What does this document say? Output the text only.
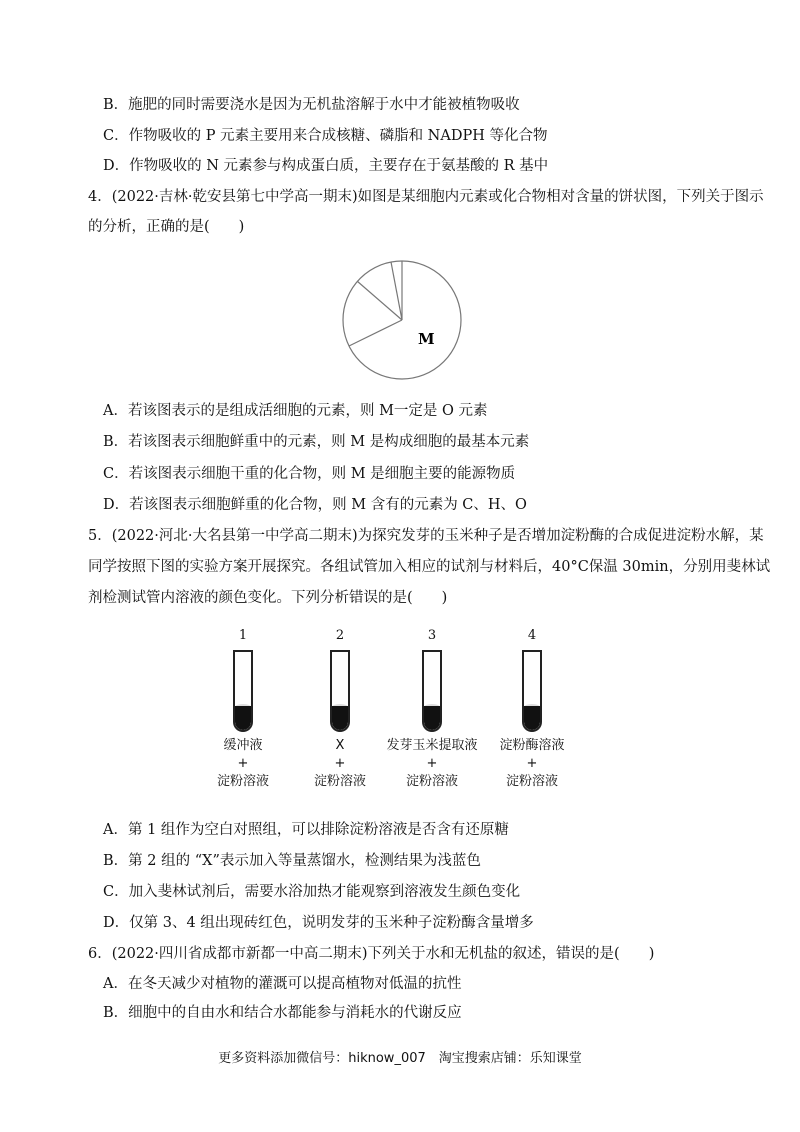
B．施肥的同时需要浇水是因为无机盐溶解于水中才能被植物吸收
C．作物吸收的 P 元素主要用来合成核糖、磷脂和 NADPH 等化合物
D．作物吸收的 N 元素参与构成蛋白质，主要存在于氨基酸的 R 基中
4．(2022·吉林·乾安县第七中学高一期末)如图是某细胞内元素或化合物相对含量的饼状图，下列关于图示
的分析，正确的是(　　)
M
A．若该图表示的是组成活细胞的元素，则 M一定是 O 元素
B．若该图表示细胞鲜重中的元素，则 M 是构成细胞的最基本元素
C．若该图表示细胞干重的化合物，则 M 是细胞主要的能源物质
D．若该图表示细胞鲜重的化合物，则 M 含有的元素为 C、H、O
5．(2022·河北·大名县第一中学高二期末)为探究发芽的玉米种子是否增加淀粉酶的合成促进淀粉水解，某
同学按照下图的实验方案开展探究。各组试管加入相应的试剂与材料后，40°C保温 30min，分别用斐林试
剂检测试管内溶液的颜色变化。下列分析错误的是(　　)
1
缓冲液
+
淀粉溶液
2
X
+
淀粉溶液
3
发芽玉米提取液
+
淀粉溶液
4
淀粉酶溶液
+
淀粉溶液
A．第 1 组作为空白对照组，可以排除淀粉溶液是否含有还原糖
B．第 2 组的 “X”表示加入等量蒸馏水，检测结果为浅蓝色
C．加入斐林试剂后，需要水浴加热才能观察到溶液发生颜色变化
D．仅第 3、4 组出现砖红色，说明发芽的玉米种子淀粉酶含量增多
6．(2022·四川省成都市新都一中高二期末)下列关于水和无机盐的叙述，错误的是(　　)
A．在冬天减少对植物的灌溉可以提高植物对低温的抗性
B．细胞中的自由水和结合水都能参与消耗水的代谢反应
更多资料添加微信号：hiknow_007　淘宝搜索店铺：乐知课堂
